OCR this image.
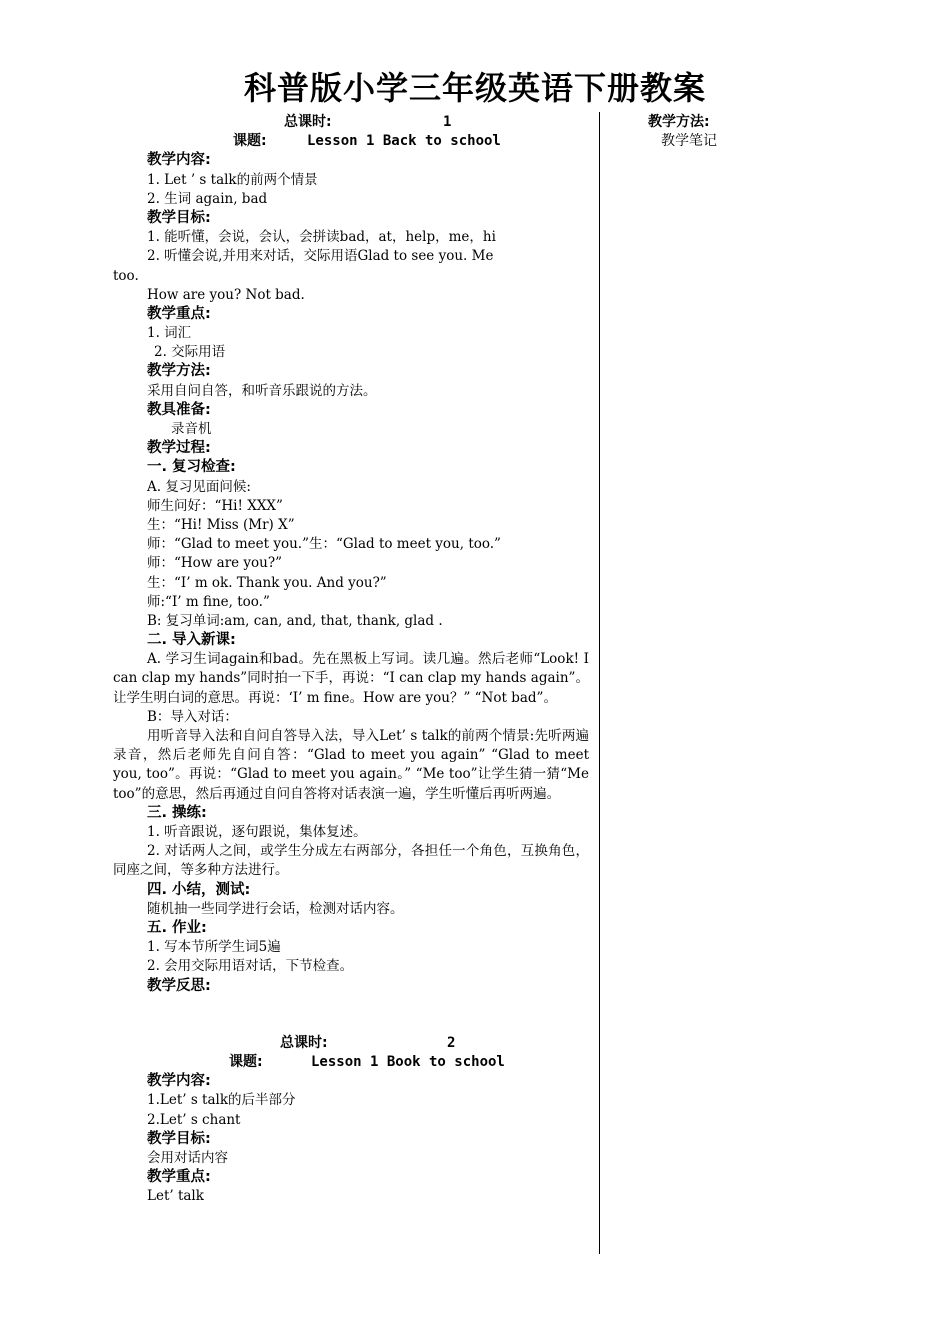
科普版小学三年级英语下册教案
教学方法:
教学笔记
总课时:	1
课题:	Lesson 1 Back to school
教学内容:
1. Let ’ s talk的前两个情景
2. 生词 again, bad
教学目标:
1. 能听懂，会说，会认，会拼读bad，at，help，me，hi
2. 听懂会说,并用来对话，交际用语Glad to see you. Me
too.
How are you? Not bad.
教学重点:
1. 词汇
2. 交际用语
教学方法:
采用自问自答，和听音乐跟说的方法。
教具准备:
录音机
教学过程:
一. 复习检查:
A. 复习见面问候:
师生问好：“Hi! XXX”
生：“Hi! Miss (Mr) X”
师：“Glad to meet you.”生：“Glad to meet you, too.”
师：“How are you?”
生：“I’ m ok. Thank you. And you?”
师:“I’ m fine, too.”
B: 复习单词:am, can, and, that, thank, glad .
二. 导入新课:
A. 学习生词again和bad。先在黑板上写词。读几遍。然后老师“Look! I can clap my hands”同时拍一下手，再说：“I can clap my hands again”。让学生明白词的意思。再说：‘I’ m fine。How are you？” “Not bad”。
B：导入对话：
用听音导入法和自问自答导入法，导入Let’ s talk的前两个情景:先听两遍录音，然后老师先自问自答：“Glad to meet you again” “Glad to meet you, too”。再说：“Glad to meet you again。” “Me too”让学生猜一猜“Me too”的意思，然后再通过自问自答将对话表演一遍，学生听懂后再听两遍。
三. 操练:
1. 听音跟说，逐句跟说，集体复述。
2. 对话两人之间，或学生分成左右两部分，各担任一个角色，互换角色，同座之间，等多种方法进行。
四. 小结，测试:
随机抽一些同学进行会话，检测对话内容。
五. 作业:
1. 写本节所学生词5遍
2. 会用交际用语对话，下节检查。
教学反思:
总课时:	2
课题:	Lesson 1 Book to school
教学内容:
1.Let’ s talk的后半部分
2.Let’ s chant
教学目标:
会用对话内容
教学重点:
Let’ talk
